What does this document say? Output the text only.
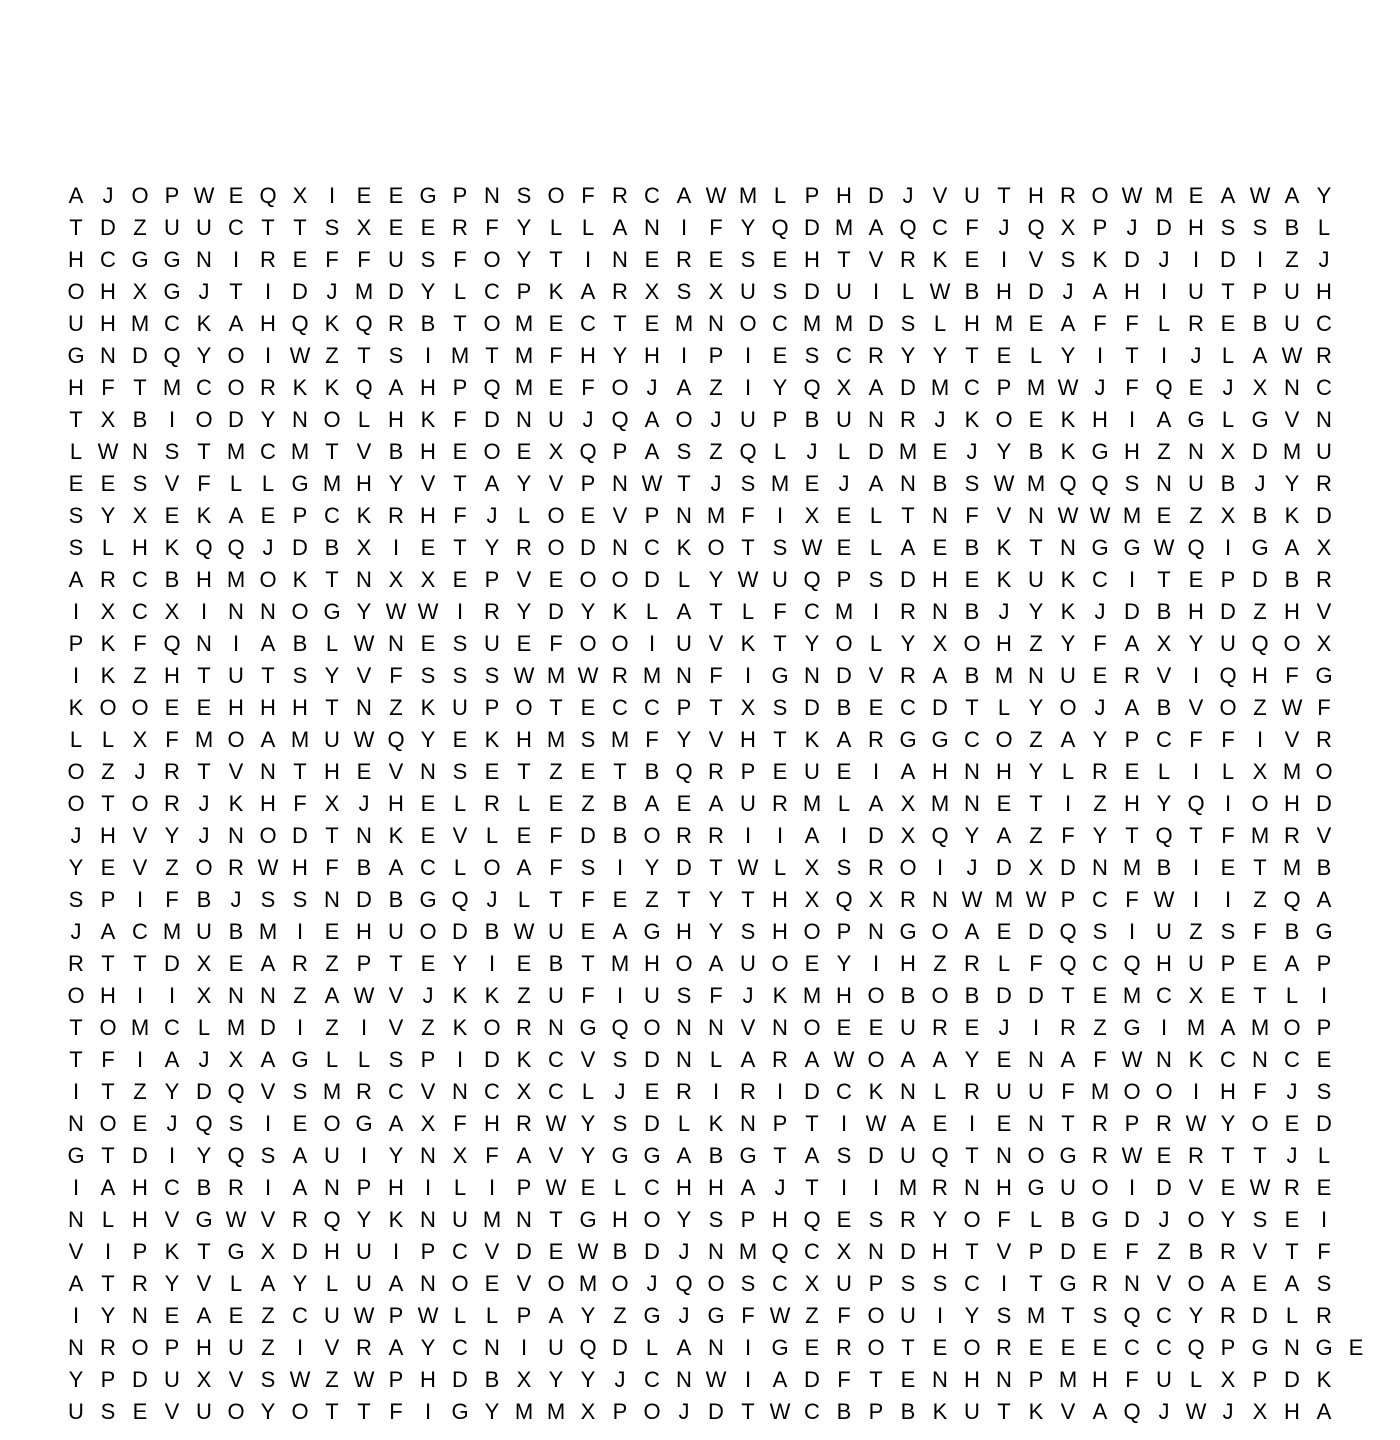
A J O P W E Q X I E E G P N S O F R C A W M L P H D J V U T H R O W M E A W A Y
T D Z U U C T T S X E E R F Y L L A N I	F Y Q D M A Q C F J Q X P J D H S S B L
H C G G N I R E F F U S F O Y T	I N E R E S E H T V R K E I V S K D J	I D I	Z J
O H X G J T	I D J M D Y L C P K A R X S X U S D U I	L W B H D J A H I U T P U H
U H M C K A H Q K Q R B T O M E C T E M N O C M M D S L H M E A F F L R E B U C
G N D Q Y O I W Z T S I M T M F H Y H I P I E S C R Y Y T E L Y I	T	I	J L A W R
H F T M C O R K K Q A H P Q M E F O J A Z	I Y Q X A D M C P M W J F Q E J X N C
T X B I O D Y N O L H K F D N U J Q A O J U P B U N R J K O E K H I A G L G V N
L W N S T M C M T V B H E O E X Q P A S Z Q L J L D M E J Y B K G H Z N X D M U
E E S V F L L G M H Y V T A Y V P N W T J S M E J A N B S W M Q Q S N U B J Y R
S Y X E K A E P C K R H F J L O E V P N M F	I X E L T N F V N W W M E Z X B K D
S L H K Q Q J D B X I E T Y R O D N C K O T S W E L A E B K T N G G W Q I G A X
A R C B H M O K T N X X E P V E O O D L Y W U Q P S D H E K U K C I	T E P D B R
I X C X I N N O G Y W W I R Y D Y K L A T L F C M I R N B J Y K J D B H D Z H V
P K F Q N I A B L W N E S U E F O O I U V K T Y O L Y X O H Z Y F A X Y U Q O X
I K Z H T U T S Y V F S S S W M W R M N F	I G N D V R A B M N U E R V I Q H F G
K O O E E H H H T N Z K U P O T E C C P T X S D B E C D T L Y O J A B V O Z W F
L L X F M O A M U W Q Y E K H M S M F Y V H T K A R G G C O Z A Y P C F F	I V R
O Z J R T V N T H E V N S E T Z E T B Q R P E U E I A H N H Y L R E L	I	L X M O
O T O R J K H F X J H E L R L E Z B A E A U R M L A X M N E T	I	Z H Y Q I O H D
J H V Y J N O D T N K E V L E F D B O R R I	I A I D X Q Y A Z F Y T Q T F M R V
Y E V Z O R W H F B A C L O A F S I Y D T W L X S R O I	J D X D N M B I E T M B
S P I	F B J S S N D B G Q J L T F E Z T Y T H X Q X R N W M W P C F W I	I	Z Q A
J A C M U B M I E H U O D B W U E A G H Y S H O P N G O A E D Q S I U Z S F B G
R T T D X E A R Z P T E Y I E B T M H O A U O E Y I H Z R L F Q C Q H U P E A P
O H I	I X N N Z A W V J K K Z U F	I U S F J K M H O B O B D D T E M C X E T L	I
T O M C L M D I	Z	I V Z K O R N G Q O N N V N O E E U R E J	I R Z G I M A M O P
T F	I A J X A G L L S P I D K C V S D N L A R A W O A A Y E N A F W N K C N C E
I	T Z Y D Q V S M R C V N C X C L J E R I R I D C K N L R U U F M O O I H F J S
N O E J Q S I E O G A X F H R W Y S D L K N P T	I W A E I E N T R P R W Y O E D
G T D I Y Q S A U I Y N X F A V Y G G A B G T A S D U Q T N O G R W E R T T J L
I A H C B R I A N P H I	L	I P W E L C H H A J T	I	I M R N H G U O I D V E W R E
N L H V G W V R Q Y K N U M N T G H O Y S P H Q E S R Y O F L B G D J O Y S E I
V I P K T G X D H U I P C V D E W B D J N M Q C X N D H T V P D E F Z B R V T F
A T R Y V L A Y L U A N O E V O M O J Q O S C X U P S S C I	T G R N V O A E A S
I Y N E A E Z C U W P W L L P A Y Z G J G F W Z F O U I Y S M T S Q C Y R D L R
N R O P H U Z	I V R A Y C N I U Q D L A N I G E R O T E O R E E E C C Q P G N G E
Y P D U X V S W Z W P H D B X Y Y J C N W I A D F T E N H N P M H F U L X P D K
U S E V U O Y O T T F	I G Y M M X P O J D T W C B P B K U T K V A Q J W J X H A
